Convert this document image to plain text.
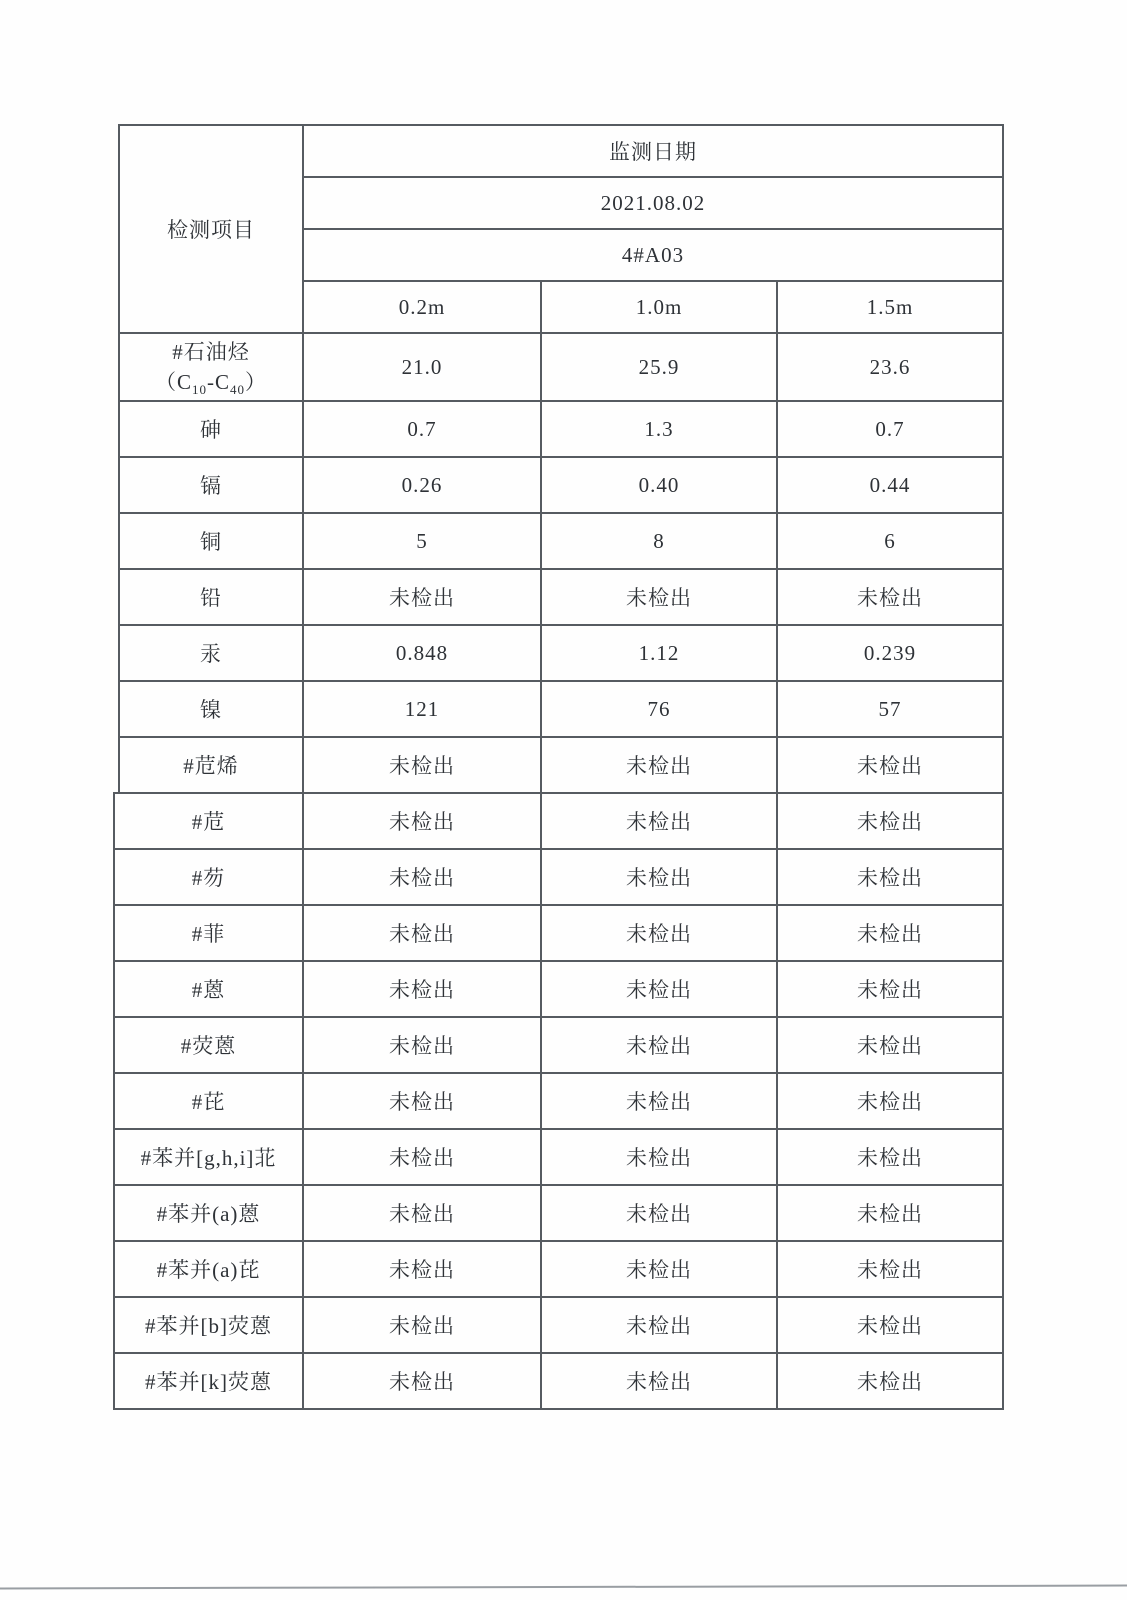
检测项目	监测日期		
	2021.08.02		
	4#A03		
	0.2m	1.0m	1.5m
#石油烃
$(C_{10}-C_{40})$	21.0	25.9	23.6
砷	0.7	1.3	0.7
镉	0.26	0.40	0.44
铜	5	8	6
铅	未检出	未检出	未检出
汞	0.848	1.12	0.239
镍	121	76	57
#苊烯	未检出	未检出	未检出
#苊	未检出	未检出	未检出
#芴	未检出	未检出	未检出
#菲	未检出	未检出	未检出
#蒽	未检出	未检出	未检出
#荧蒽	未检出	未检出	未检出
#芘	未检出	未检出	未检出
#苯并[g,h,i]苝	未检出	未检出	未检出
#苯并(a)蒽	未检出	未检出	未检出
#苯并(a)芘	未检出	未检出	未检出
#苯并[b]荧蒽	未检出	未检出	未检出
#苯并[k]荧蒽	未检出	未检出	未检出
